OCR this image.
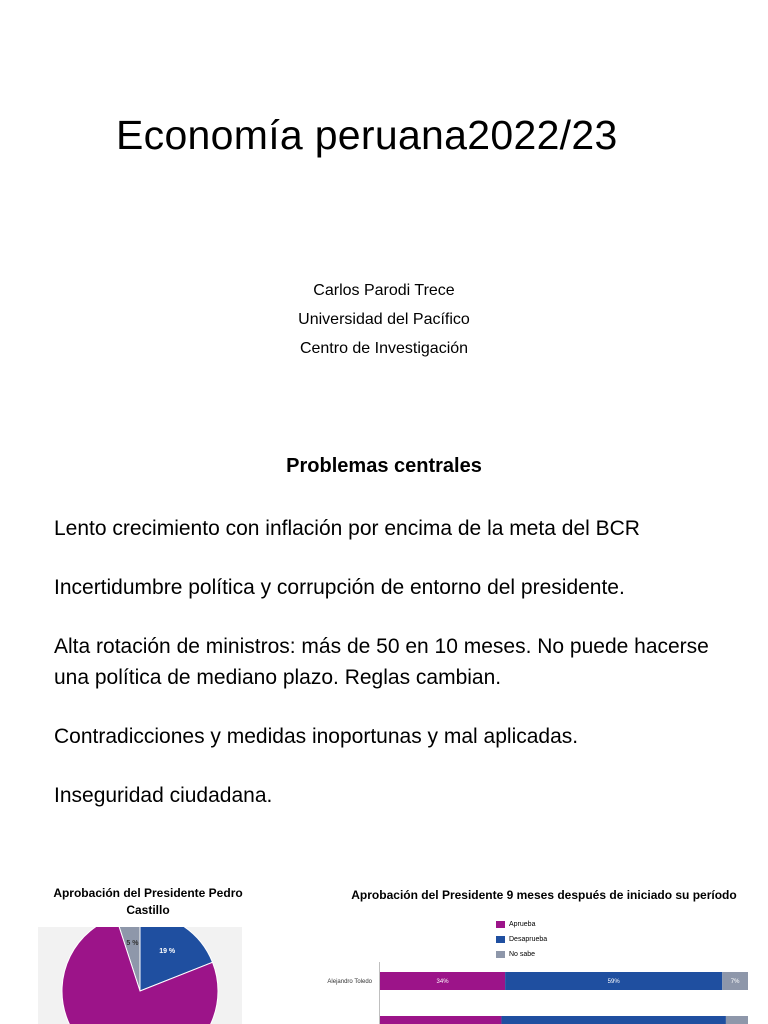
Economía peruana2022/23
Carlos Parodi Trece
Universidad del Pacífico
Centro de Investigación
Problemas centrales

Lento crecimiento con inflación por encima de la meta del BCR

Incertidumbre política y corrupción de entorno del presidente.

Alta rotación de ministros: más de 50 en 10 meses. No puede hacerse una política de mediano plazo. Reglas cambian.

Contradicciones y medidas inoportunas y mal aplicadas.

Inseguridad ciudadana.

Aprobación del Presidente Pedro Castillo
5 %
19 %
Aprobación del Presidente 9 meses después de iniciado su período
Alejandro Toledo	34%	59%	7%
Aprueba
Desaprueba
No sabe
